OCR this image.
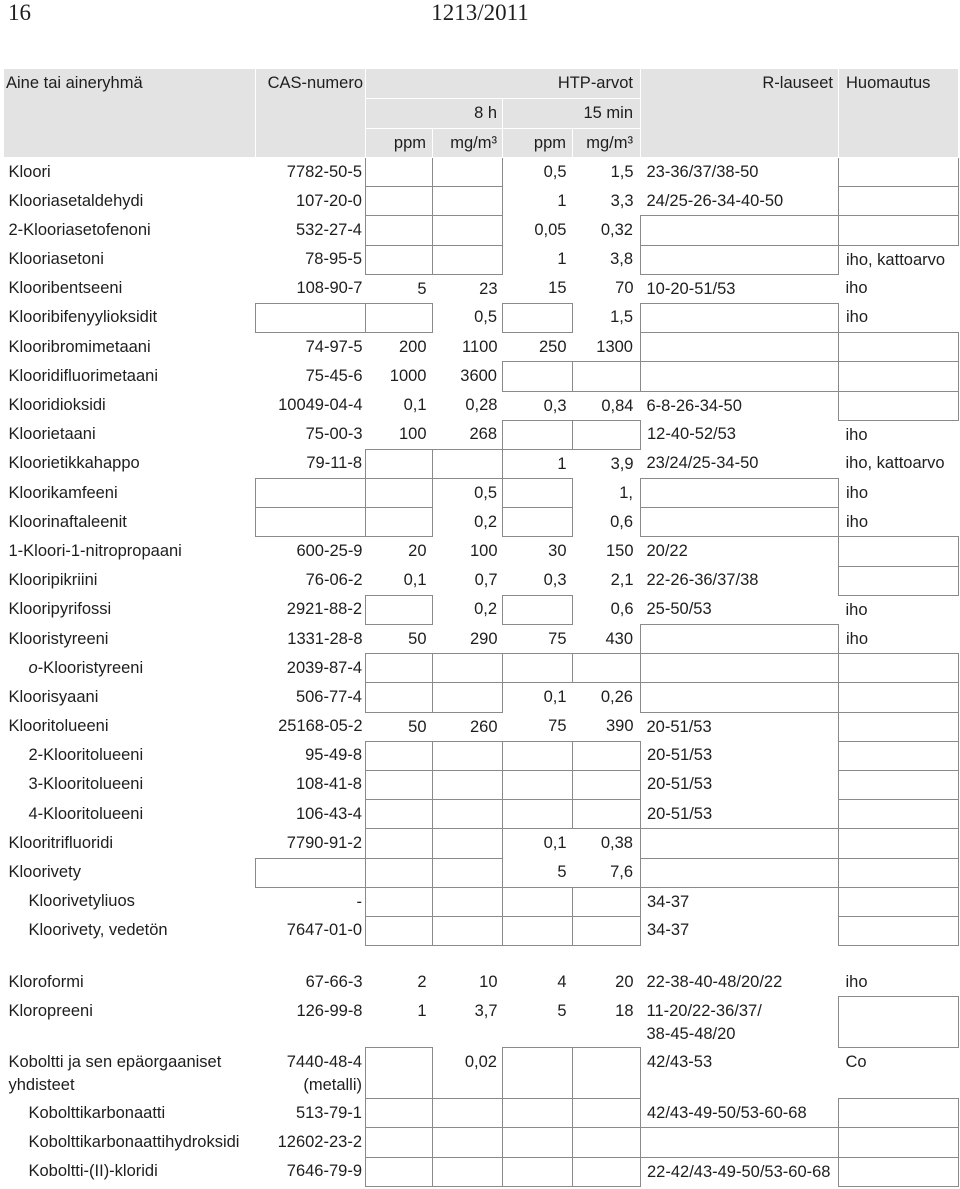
16	1213/2011
Aine tai aineryhmä	CAS-numero	HTP-arvot				R-lauseet	Huomautus
		8 h		15 min			
		ppm	mg/m³	ppm	mg/m³		
Kloori	7782-50-5			0,5	1,5	23-36/37/38-50	
Klooriasetaldehydi	107-20-0			1	3,3	24/25-26-34-40-50	
2-Klooriasetofenoni	532-27-4			0,05	0,32		
Klooriasetoni	78-95-5			1	3,8		iho, kattoarvo
Klooribentseeni	108-90-7	5	23	15	70	10-20-51/53	iho
Klooribifenyylioksidit			0,5		1,5		iho
Klooribromimetaani	74-97-5	200	1100	250	1300		
Klooridifluorimetaani	75-45-6	1000	3600				
Klooridioksidi	10049-04-4	0,1	0,28	0,3	0,84	6-8-26-34-50	
Kloorietaani	75-00-3	100	268			12-40-52/53	iho
Kloorietikkahappo	79-11-8			1	3,9	23/24/25-34-50	iho, kattoarvo
Kloorikamfeeni			0,5		1,		iho
Kloorinaftaleenit			0,2		0,6		iho
1-Kloori-1-nitropropaani	600-25-9	20	100	30	150	20/22	
Klooripikriini	76-06-2	0,1	0,7	0,3	2,1	22-26-36/37/38	
Klooripyrifossi	2921-88-2		0,2		0,6	25-50/53	iho
Klooristyreeni	1331-28-8	50	290	75	430		iho
o-Klooristyreeni	2039-87-4						
Kloorisyaani	506-77-4			0,1	0,26		
Klooritolueeni	25168-05-2	50	260	75	390	20-51/53	
2-Klooritolueeni	95-49-8					20-51/53	
3-Klooritolueeni	108-41-8					20-51/53	
4-Klooritolueeni	106-43-4					20-51/53	
Klooritrifluoridi	7790-91-2			0,1	0,38		
Kloorivety				5	7,6		
Kloorivetyliuos	-					34-37	
Kloorivety, vedetön	7647-01-0					34-37	

Kloroformi	67-66-3	2	10	4	20	22-38-40-48/20/22	iho
Kloropreeni	126-99-8	1	3,7	5	18	11-20/22-36/37/
38-45-48/20	
Koboltti ja sen epäorgaaniset
yhdisteet	7440-48-4
(metalli)		0,02			42/43-53	Co
Kobolttikarbonaatti	513-79-1					42/43-49-50/53-60-68	
Kobolttikarbonaattihydroksidi	12602-23-2						
Koboltti-(II)-kloridi	7646-79-9					22-42/43-49-50/53-60-68	
